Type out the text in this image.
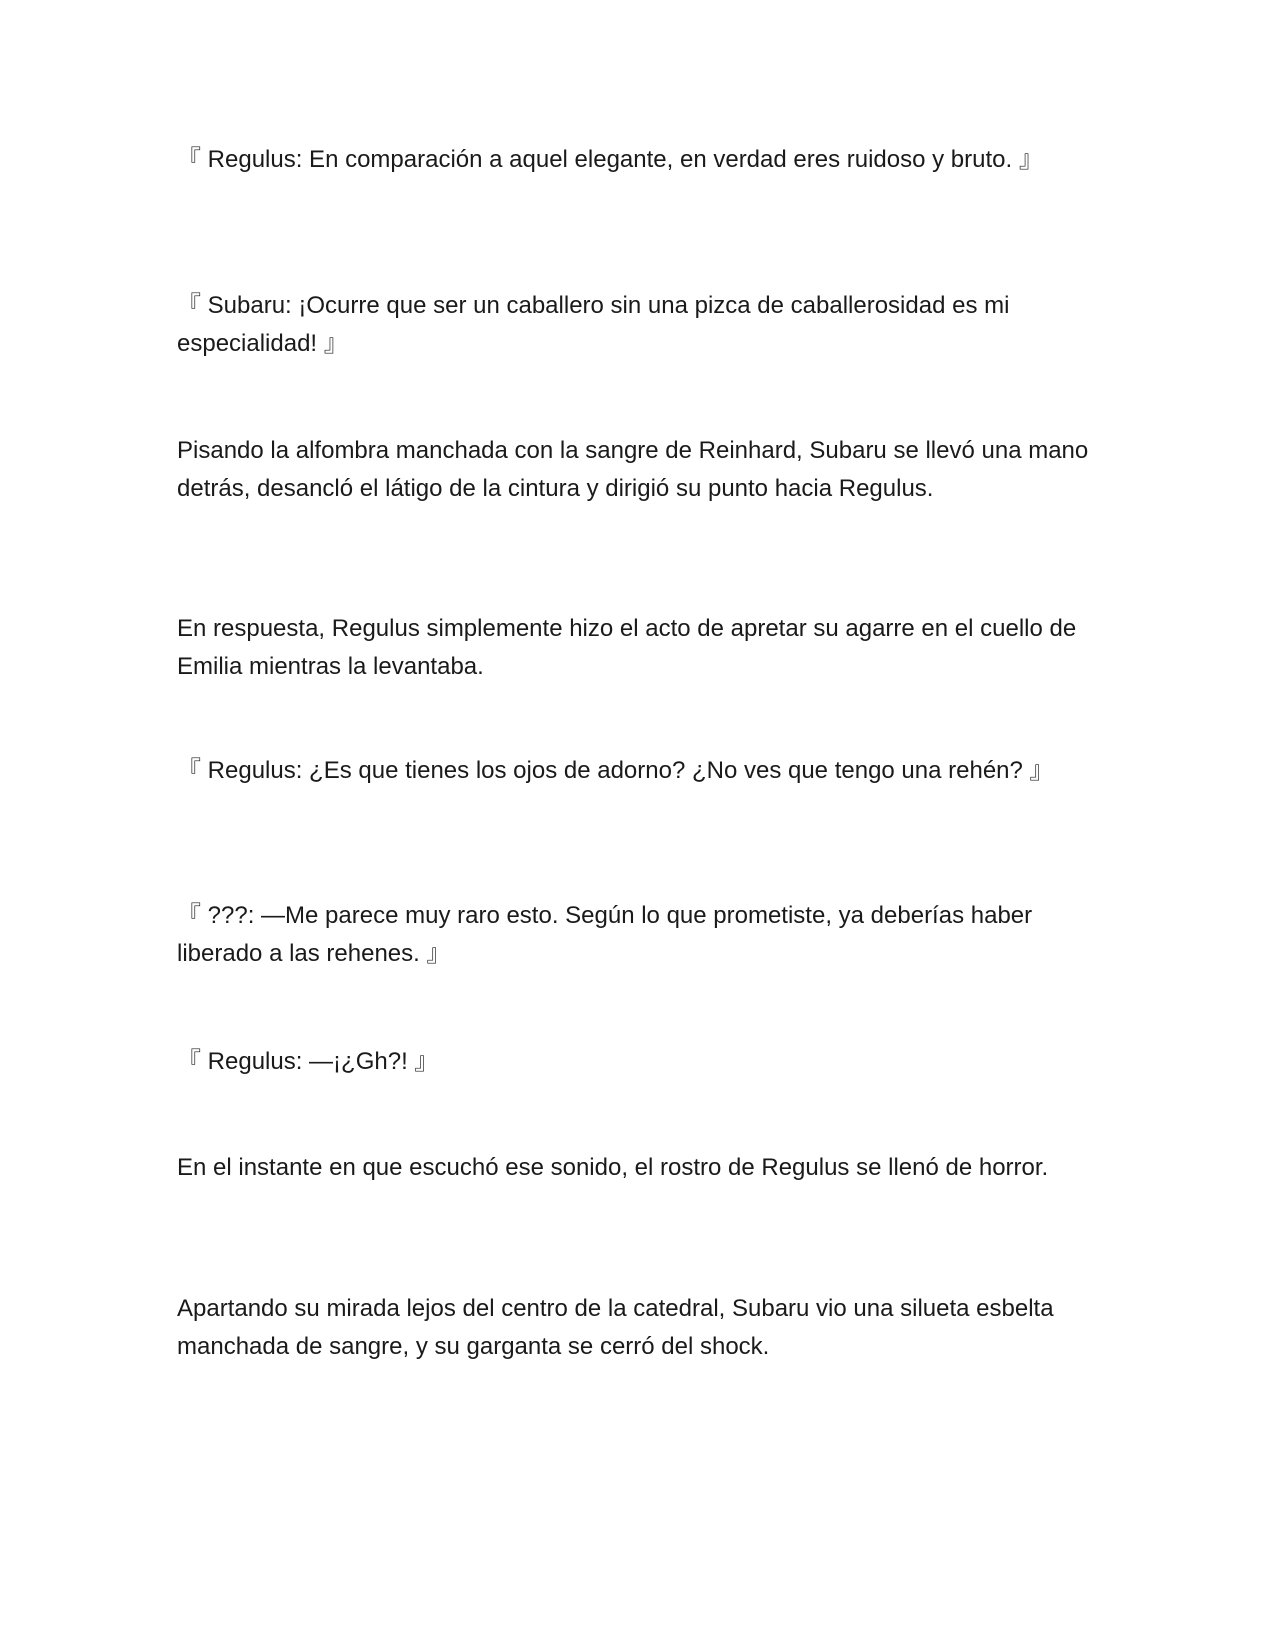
『 Regulus: En comparación a aquel elegante, en verdad eres ruidoso y bruto. 』

『 Subaru: ¡Ocurre que ser un caballero sin una pizca de caballerosidad es mi especialidad! 』

Pisando la alfombra manchada con la sangre de Reinhard, Subaru se llevó una mano detrás, desancló el látigo de la cintura y dirigió su punto hacia Regulus.

En respuesta, Regulus simplemente hizo el acto de apretar su agarre en el cuello de Emilia mientras la levantaba.

『 Regulus: ¿Es que tienes los ojos de adorno? ¿No ves que tengo una rehén? 』

『 ???: —Me parece muy raro esto. Según lo que prometiste, ya deberías haber liberado a las rehenes. 』

『 Regulus: —¡¿Gh?! 』

En el instante en que escuchó ese sonido, el rostro de Regulus se llenó de horror.

Apartando su mirada lejos del centro de la catedral, Subaru vio una silueta esbelta manchada de sangre, y su garganta se cerró del shock.
